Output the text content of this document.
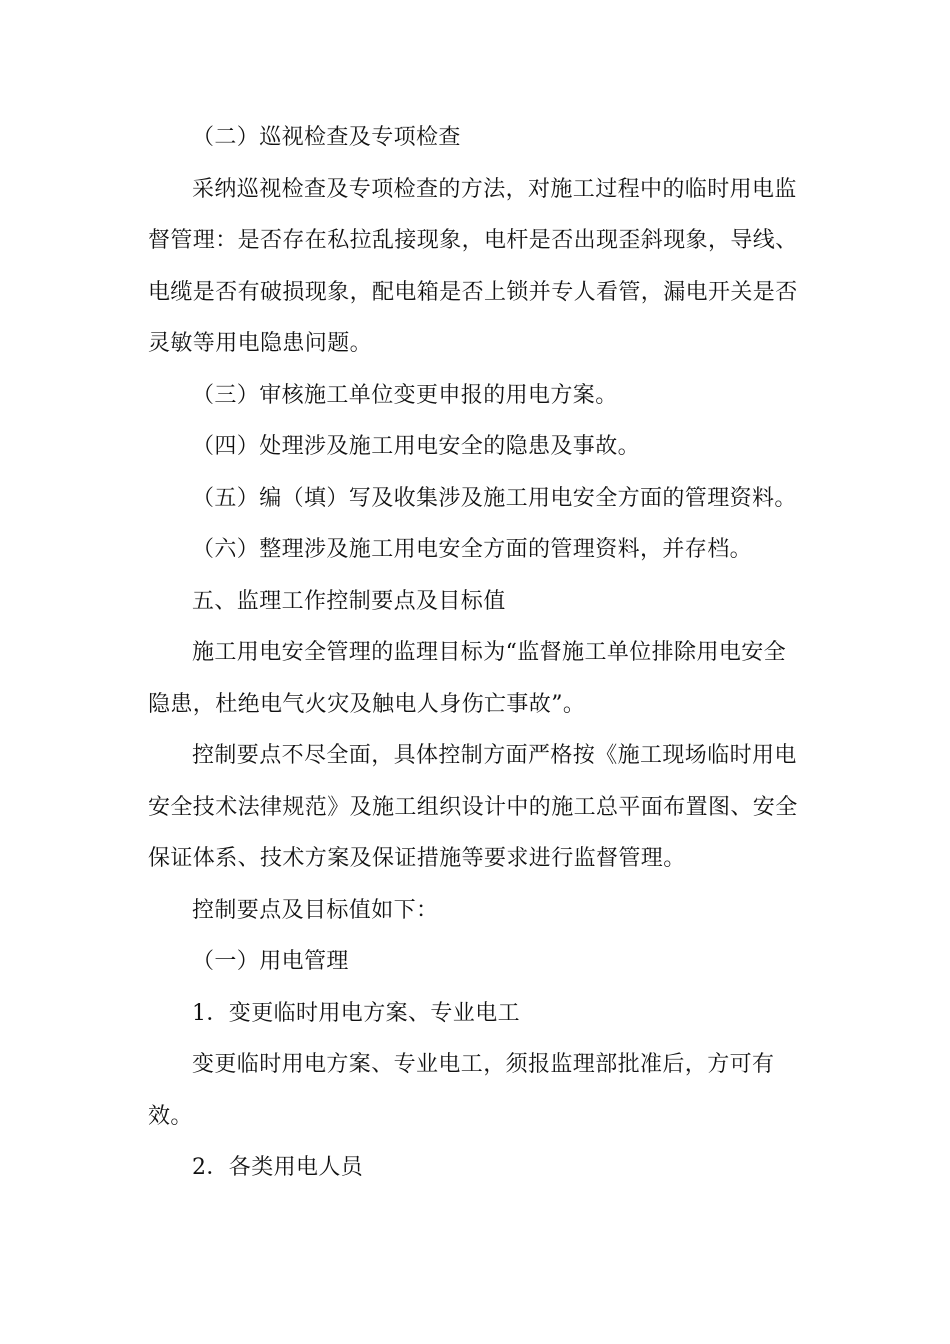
（二）巡视检查及专项检查

采纳巡视检查及专项检查的方法，对施工过程中的临时用电监督管理：是否存在私拉乱接现象，电杆是否出现歪斜现象，导线、电缆是否有破损现象，配电箱是否上锁并专人看管，漏电开关是否灵敏等用电隐患问题。

（三）审核施工单位变更申报的用电方案。

（四）处理涉及施工用电安全的隐患及事故。

（五）编（填）写及收集涉及施工用电安全方面的管理资料。

（六）整理涉及施工用电安全方面的管理资料，并存档。

五、监理工作控制要点及目标值

施工用电安全管理的监理目标为“监督施工单位排除用电安全隐患，杜绝电气火灾及触电人身伤亡事故”。

控制要点不尽全面，具体控制方面严格按《施工现场临时用电安全技术法律规范》及施工组织设计中的施工总平面布置图、安全保证体系、技术方案及保证措施等要求进行监督管理。

控制要点及目标值如下：

（一）用电管理

1．变更临时用电方案、专业电工

变更临时用电方案、专业电工，须报监理部批准后，方可有效。

2．各类用电人员
